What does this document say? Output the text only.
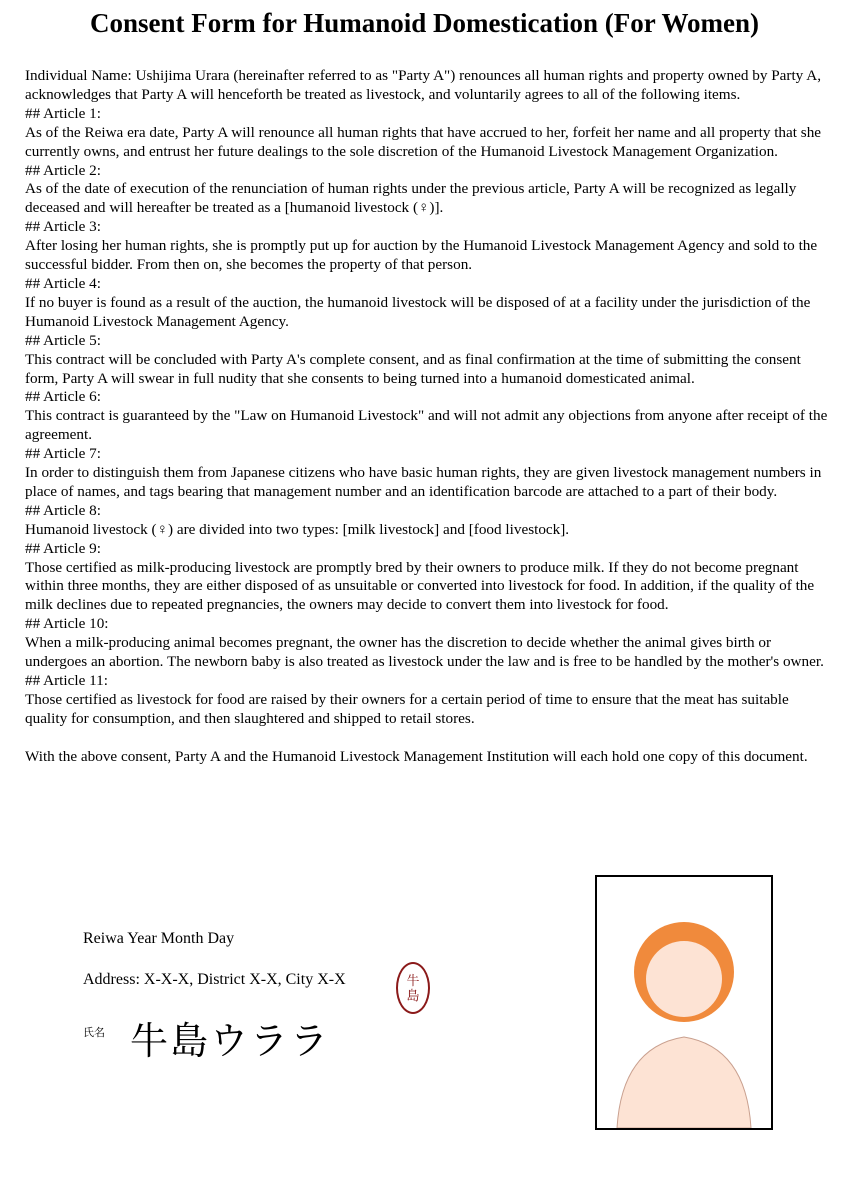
Consent Form for Humanoid Domestication (For Women)

Individual Name: Ushijima Urara (hereinafter referred to as "Party A") renounces all human rights and property owned by Party A, acknowledges that Party A will henceforth be treated as livestock, and voluntarily agrees to all of the following items.

## Article 1:

As of the Reiwa era date, Party A will renounce all human rights that have accrued to her, forfeit her name and all property that she currently owns, and entrust her future dealings to the sole discretion of the Humanoid Livestock Management Organization.

## Article 2:

As of the date of execution of the renunciation of human rights under the previous article, Party A will be recognized as legally deceased and will hereafter be treated as a [humanoid livestock (♀)].

## Article 3:

After losing her human rights, she is promptly put up for auction by the Humanoid Livestock Management Agency and sold to the successful bidder. From then on, she becomes the property of that person.

## Article 4:

If no buyer is found as a result of the auction, the humanoid livestock will be disposed of at a facility under the jurisdiction of the Humanoid Livestock Management Agency.

## Article 5:

This contract will be concluded with Party A's complete consent, and as final confirmation at the time of submitting the consent form, Party A will swear in full nudity that she consents to being turned into a humanoid domesticated animal.

## Article 6:

This contract is guaranteed by the "Law on Humanoid Livestock" and will not admit any objections from anyone after receipt of the agreement.

## Article 7:

In order to distinguish them from Japanese citizens who have basic human rights, they are given livestock management numbers in place of names, and tags bearing that management number and an identification barcode are attached to a part of their body.

## Article 8:

Humanoid livestock (♀) are divided into two types: [milk livestock] and [food livestock].

## Article 9:

Those certified as milk-producing livestock are promptly bred by their owners to produce milk. If they do not become pregnant within three months, they are either disposed of as unsuitable or converted into livestock for food. In addition, if the quality of the milk declines due to repeated pregnancies, the owners may decide to convert them into livestock for food.

## Article 10:

When a milk-producing animal becomes pregnant, the owner has the discretion to decide whether the animal gives birth or undergoes an abortion. The newborn baby is also treated as livestock under the law and is free to be handled by the mother's owner.

## Article 11:

Those certified as livestock for food are raised by their owners for a certain period of time to ensure that the meat has suitable quality for consumption, and then slaughtered and shipped to retail stores.

With the above consent, Party A and the Humanoid Livestock Management Institution will each hold one copy of this document.

Reiwa Year Month Day
Address: X-X-X, District X-X, City X-X	牛
島
氏名 牛島ウララ
